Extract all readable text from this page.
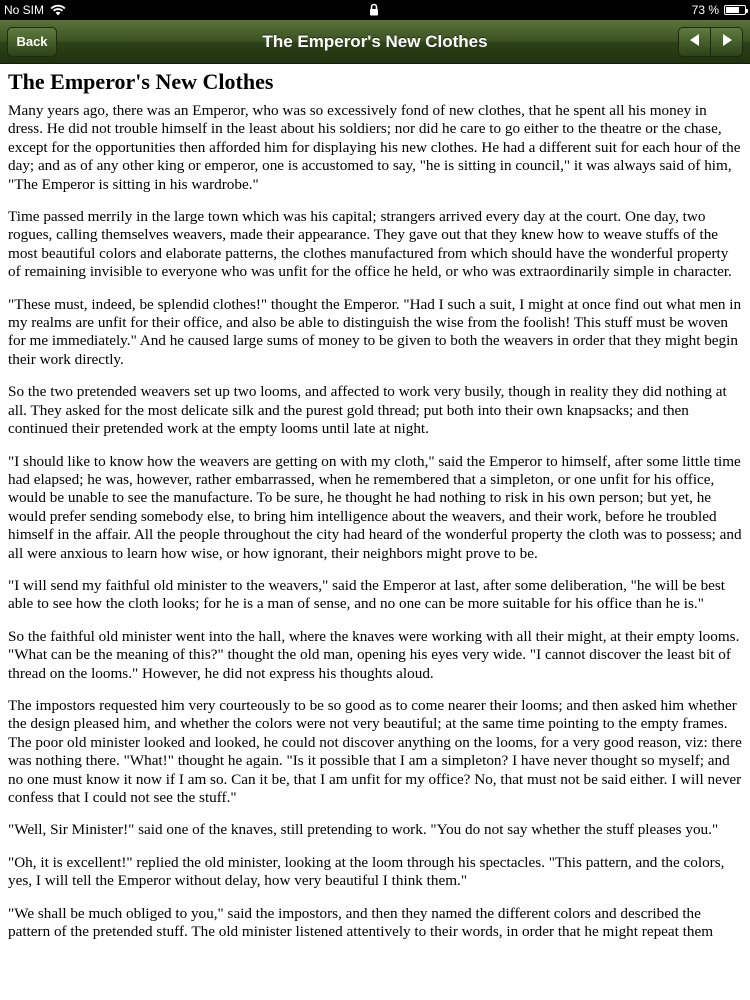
No SIM	73 %
Back	The Emperor's New Clothes
The Emperor's New Clothes

Many years ago, there was an Emperor, who was so excessively fond of new clothes, that he spent all his money in dress. He did not trouble himself in the least about his soldiers; nor did he care to go either to the theatre or the chase, except for the opportunities then afforded him for displaying his new clothes. He had a different suit for each hour of the day; and as of any other king or emperor, one is accustomed to say, "he is sitting in council," it was always said of him, "The Emperor is sitting in his wardrobe."

Time passed merrily in the large town which was his capital; strangers arrived every day at the court. One day, two rogues, calling themselves weavers, made their appearance. They gave out that they knew how to weave stuffs of the most beautiful colors and elaborate patterns, the clothes manufactured from which should have the wonderful property of remaining invisible to everyone who was unfit for the office he held, or who was extraordinarily simple in character.

"These must, indeed, be splendid clothes!" thought the Emperor. "Had I such a suit, I might at once find out what men in my realms are unfit for their office, and also be able to distinguish the wise from the foolish! This stuff must be woven for me immediately." And he caused large sums of money to be given to both the weavers in order that they might begin their work directly.

So the two pretended weavers set up two looms, and affected to work very busily, though in reality they did nothing at all. They asked for the most delicate silk and the purest gold thread; put both into their own knapsacks; and then continued their pretended work at the empty looms until late at night.

"I should like to know how the weavers are getting on with my cloth," said the Emperor to himself, after some little time had elapsed; he was, however, rather embarrassed, when he remembered that a simpleton, or one unfit for his office, would be unable to see the manufacture. To be sure, he thought he had nothing to risk in his own person; but yet, he would prefer sending somebody else, to bring him intelligence about the weavers, and their work, before he troubled himself in the affair. All the people throughout the city had heard of the wonderful property the cloth was to possess; and all were anxious to learn how wise, or how ignorant, their neighbors might prove to be.

"I will send my faithful old minister to the weavers," said the Emperor at last, after some deliberation, "he will be best able to see how the cloth looks; for he is a man of sense, and no one can be more suitable for his office than he is."

So the faithful old minister went into the hall, where the knaves were working with all their might, at their empty looms. "What can be the meaning of this?" thought the old man, opening his eyes very wide. "I cannot discover the least bit of thread on the looms." However, he did not express his thoughts aloud.

The impostors requested him very courteously to be so good as to come nearer their looms; and then asked him whether the design pleased him, and whether the colors were not very beautiful; at the same time pointing to the empty frames. The poor old minister looked and looked, he could not discover anything on the looms, for a very good reason, viz: there was nothing there. "What!" thought he again. "Is it possible that I am a simpleton? I have never thought so myself; and no one must know it now if I am so. Can it be, that I am unfit for my office? No, that must not be said either. I will never confess that I could not see the stuff."

"Well, Sir Minister!" said one of the knaves, still pretending to work. "You do not say whether the stuff pleases you."

"Oh, it is excellent!" replied the old minister, looking at the loom through his spectacles. "This pattern, and the colors, yes, I will tell the Emperor without delay, how very beautiful I think them."

"We shall be much obliged to you," said the impostors, and then they named the different colors and described the pattern of the pretended stuff. The old minister listened attentively to their words, in order that he might repeat them
